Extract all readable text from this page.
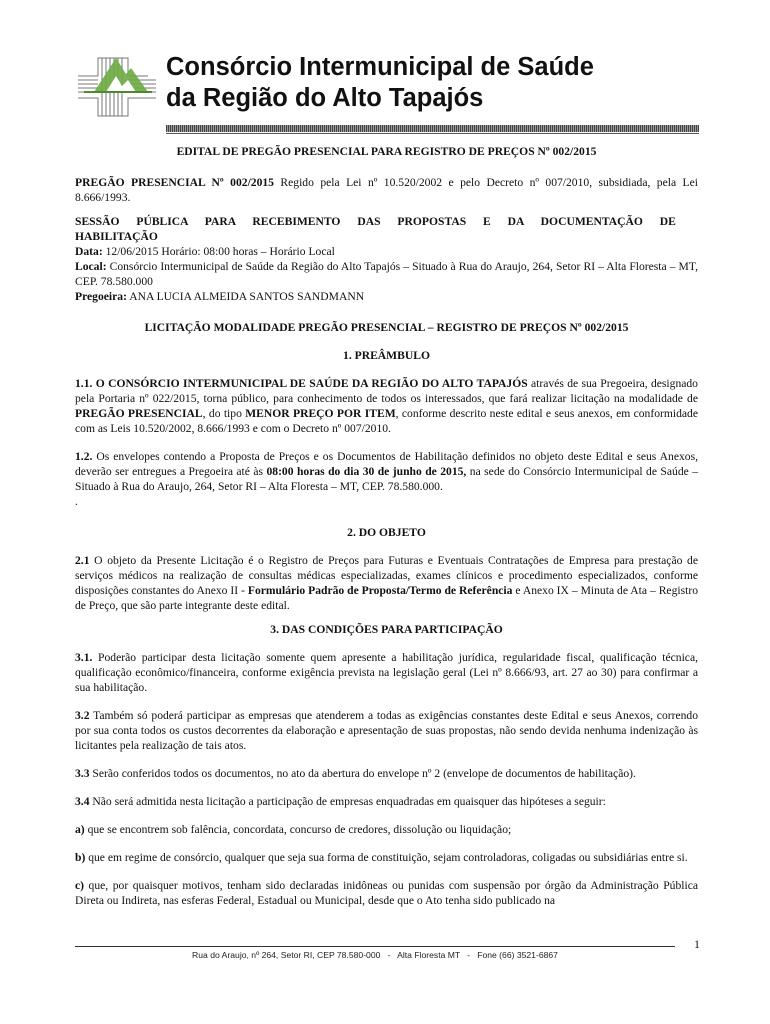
Consórcio Intermunicipal de Saúde
da Região do Alto Tapajós

EDITAL DE PREGÃO PRESENCIAL PARA REGISTRO DE PREÇOS Nº 002/2015

PREGÃO PRESENCIAL Nº 002/2015 Regido pela Lei nº 10.520/2002 e pelo Decreto nº 007/2010, subsidiada, pela Lei 8.666/1993.

SESSÃO PÚBLICA PARA RECEBIMENTO DAS PROPOSTAS E DA DOCUMENTAÇÃO DE HABILITAÇÃO

Data: 12/06/2015 Horário: 08:00 horas – Horário Local

Local: Consórcio Intermunicipal de Saúde da Região do Alto Tapajós – Situado à Rua do Araujo, 264, Setor RI – Alta Floresta – MT, CEP. 78.580.000

Pregoeira: ANA LUCIA ALMEIDA SANTOS SANDMANN

LICITAÇÃO MODALIDADE PREGÃO PRESENCIAL – REGISTRO DE PREÇOS Nº 002/2015

1. PREÂMBULO

1.1. O CONSÓRCIO INTERMUNICIPAL DE SAÚDE DA REGIÃO DO ALTO TAPAJÓS através de sua Pregoeira, designado pela Portaria nº 022/2015, torna público, para conhecimento de todos os interessados, que fará realizar licitação na modalidade de PREGÃO PRESENCIAL, do tipo MENOR PREÇO POR ITEM, conforme descrito neste edital e seus anexos, em conformidade com as Leis 10.520/2002, 8.666/1993 e com o Decreto nº 007/2010.

1.2. Os envelopes contendo a Proposta de Preços e os Documentos de Habilitação definidos no objeto deste Edital e seus Anexos, deverão ser entregues a Pregoeira até às 08:00 horas do dia 30 de junho de 2015, na sede do Consórcio Intermunicipal de Saúde – Situado à Rua do Araujo, 264, Setor RI – Alta Floresta – MT, CEP. 78.580.000.

.

2. DO OBJETO

2.1 O objeto da Presente Licitação é o Registro de Preços para Futuras e Eventuais Contratações de Empresa para prestação de serviços médicos na realização de consultas médicas especializadas, exames clínicos e procedimento especializados, conforme disposições constantes do Anexo II - Formulário Padrão de Proposta/Termo de Referência e Anexo IX – Minuta de Ata – Registro de Preço, que são parte integrante deste edital.

3. DAS CONDIÇÕES PARA PARTICIPAÇÃO

3.1. Poderão participar desta licitação somente quem apresente a habilitação jurídica, regularidade fiscal, qualificação técnica, qualificação econômico/financeira, conforme exigência prevista na legislação geral (Lei nº 8.666/93, art. 27 ao 30) para confirmar a sua habilitação.

3.2 Também só poderá participar as empresas que atenderem a todas as exigências constantes deste Edital e seus Anexos, correndo por sua conta todos os custos decorrentes da elaboração e apresentação de suas propostas, não sendo devida nenhuma indenização às licitantes pela realização de tais atos.

3.3 Serão conferidos todos os documentos, no ato da abertura do envelope nº 2 (envelope de documentos de habilitação).

3.4 Não será admitida nesta licitação a participação de empresas enquadradas em quaisquer das hipóteses a seguir:

a) que se encontrem sob falência, concordata, concurso de credores, dissolução ou liquidação;

b) que em regime de consórcio, qualquer que seja sua forma de constituição, sejam controladoras, coligadas ou subsidiárias entre si.

c) que, por quaisquer motivos, tenham sido declaradas inidôneas ou punidas com suspensão por órgão da Administração Pública Direta ou Indireta, nas esferas Federal, Estadual ou Municipal, desde que o Ato tenha sido publicado na

1
Rua do Araujo, nº 264, Setor RI, CEP 78.580-000   -   Alta Floresta MT   -   Fone (66) 3521-6867
